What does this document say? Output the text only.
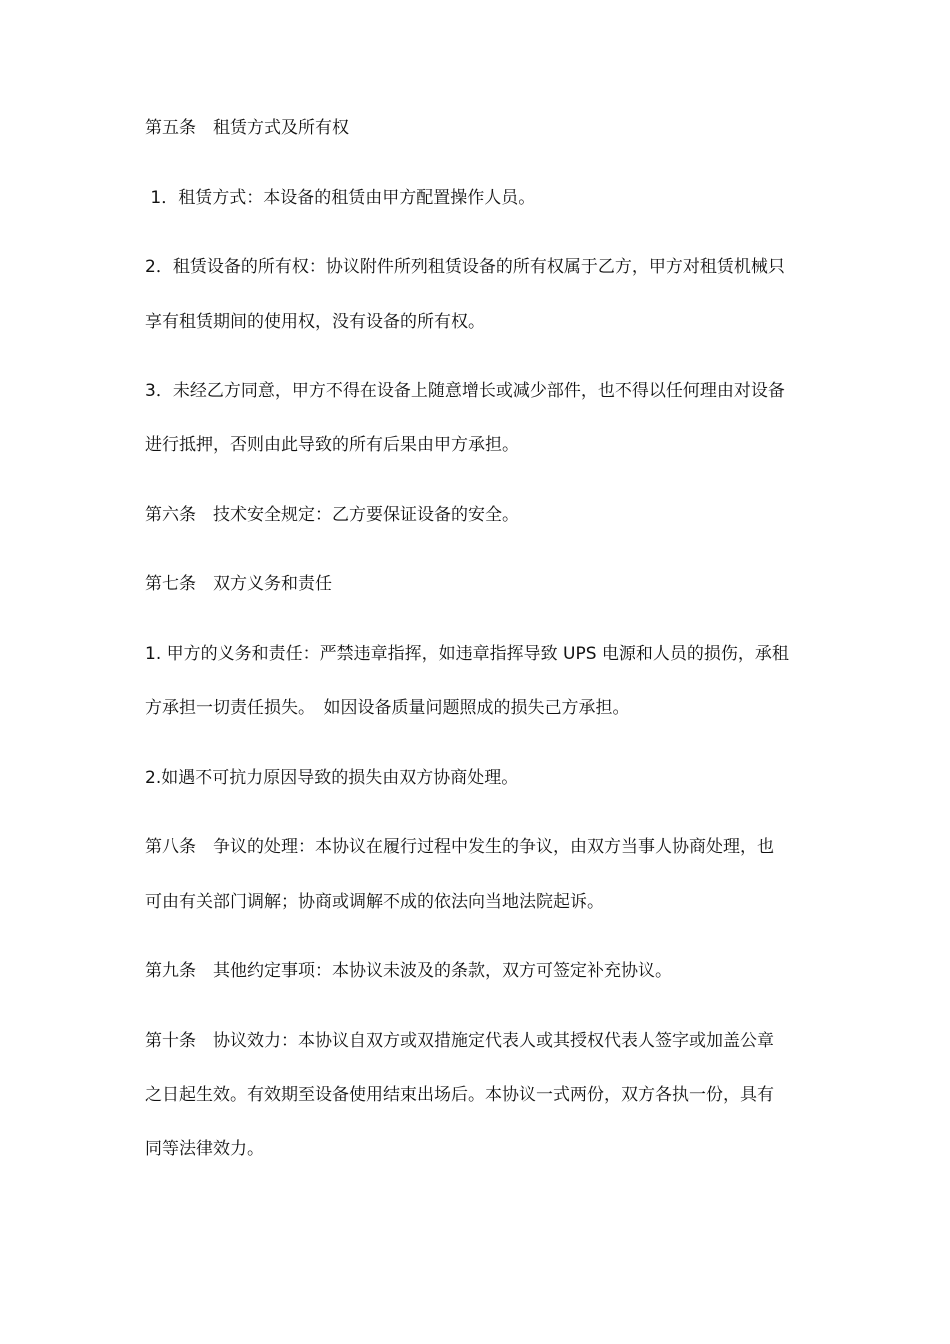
第五条　租赁方式及所有权
1．租赁方式：本设备的租赁由甲方配置操作人员。
2．租赁设备的所有权：协议附件所列租赁设备的所有权属于乙方，甲方对租赁机械只
享有租赁期间的使用权，没有设备的所有权。
3．未经乙方同意，甲方不得在设备上随意增长或减少部件，也不得以任何理由对设备
进行抵押，否则由此导致的所有后果由甲方承担。
第六条　技术安全规定：乙方要保证设备的安全。
第七条　双方义务和责任
1. 甲方的义务和责任：严禁违章指挥，如违章指挥导致 UPS 电源和人员的损伤，承租
方承担一切责任损失。　如因设备质量问题照成的损失己方承担。
2.如遇不可抗力原因导致的损失由双方协商处理。
第八条　争议的处理：本协议在履行过程中发生的争议，由双方当事人协商处理，也
可由有关部门调解；协商或调解不成的依法向当地法院起诉。
第九条　其他约定事项：本协议未波及的条款，双方可签定补充协议。
第十条　协议效力：本协议自双方或双措施定代表人或其授权代表人签字或加盖公章
之日起生效。有效期至设备使用结束出场后。本协议一式两份，双方各执一份，具有
同等法律效力。
